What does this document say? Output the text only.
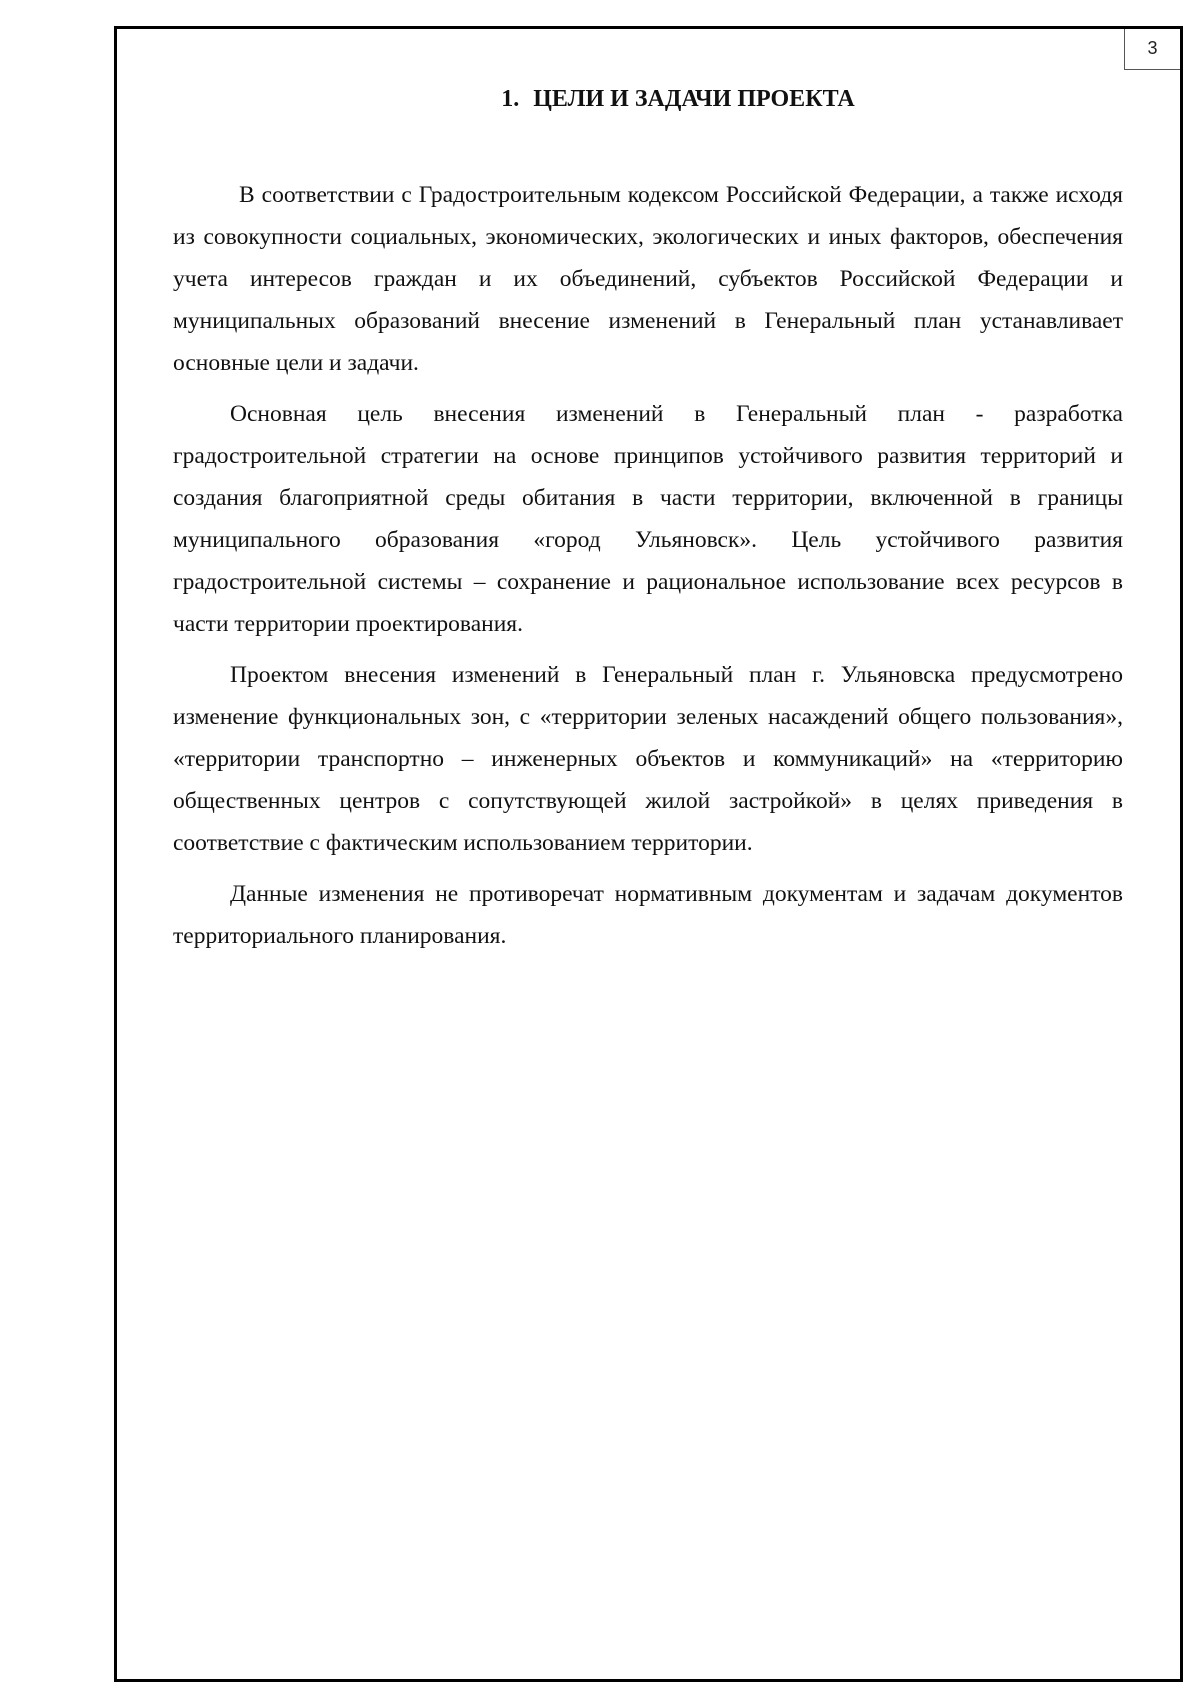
3
1. ЦЕЛИ И ЗАДАЧИ ПРОЕКТА

В соответствии с Градостроительным кодексом Российской Федерации, а также исходя из совокупности социальных, экономических, экологических и иных факторов, обеспечения учета интересов граждан и их объединений, субъектов Российской Федерации и муниципальных образований внесение изменений в Генеральный план устанавливает основные цели и задачи.

Основная цель внесения изменений в Генеральный план - разработка градостроительной стратегии на основе принципов устойчивого развития территорий и создания благоприятной среды обитания в части территории, включенной в границы муниципального образования «город Ульяновск». Цель устойчивого развития градостроительной системы – сохранение и рациональное использование всех ресурсов в части территории проектирования.

Проектом внесения изменений в Генеральный план г. Ульяновска предусмотрено изменение функциональных зон, с «территории зеленых насаждений общего пользования», «территории транспортно – инженерных объектов и коммуникаций» на «территорию общественных центров с сопутствующей жилой застройкой» в целях приведения в соответствие с фактическим использованием территории.

Данные изменения не противоречат нормативным документам и задачам документов территориального планирования.
